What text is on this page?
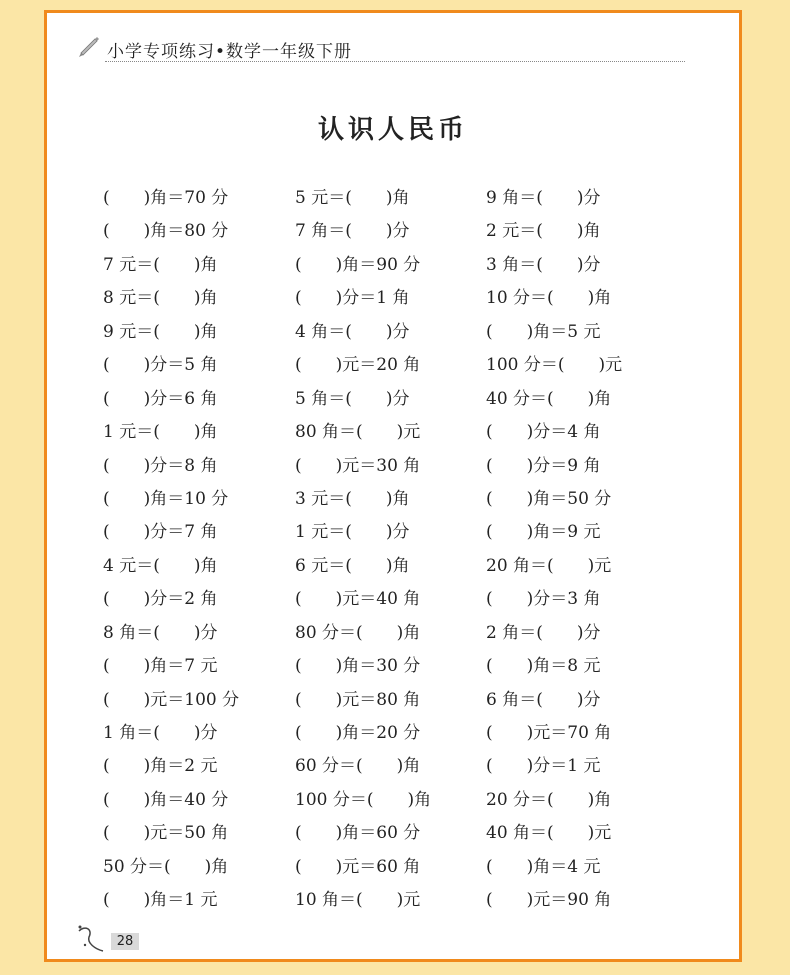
小学专项练习•数学一年级下册
认识人民币
(　　)角＝70 分	5 元＝(　　)角	9 角＝(　　)分
(　　)角＝80 分	7 角＝(　　)分	2 元＝(　　)角
7 元＝(　　)角	(　　)角＝90 分	3 角＝(　　)分
8 元＝(　　)角	(　　)分＝1 角	10 分＝(　　)角
9 元＝(　　)角	4 角＝(　　)分	(　　)角＝5 元
(　　)分＝5 角	(　　)元＝20 角	100 分＝(　　)元
(　　)分＝6 角	5 角＝(　　)分	40 分＝(　　)角
1 元＝(　　)角	80 角＝(　　)元	(　　)分＝4 角
(　　)分＝8 角	(　　)元＝30 角	(　　)分＝9 角
(　　)角＝10 分	3 元＝(　　)角	(　　)角＝50 分
(　　)分＝7 角	1 元＝(　　)分	(　　)角＝9 元
4 元＝(　　)角	6 元＝(　　)角	20 角＝(　　)元
(　　)分＝2 角	(　　)元＝40 角	(　　)分＝3 角
8 角＝(　　)分	80 分＝(　　)角	2 角＝(　　)分
(　　)角＝7 元	(　　)角＝30 分	(　　)角＝8 元
(　　)元＝100 分	(　　)元＝80 角	6 角＝(　　)分
1 角＝(　　)分	(　　)角＝20 分	(　　)元＝70 角
(　　)角＝2 元	60 分＝(　　)角	(　　)分＝1 元
(　　)角＝40 分	100 分＝(　　)角	20 分＝(　　)角
(　　)元＝50 角	(　　)角＝60 分	40 角＝(　　)元
50 分＝(　　)角	(　　)元＝60 角	(　　)角＝4 元
(　　)角＝1 元	10 角＝(　　)元	(　　)元＝90 角
28
